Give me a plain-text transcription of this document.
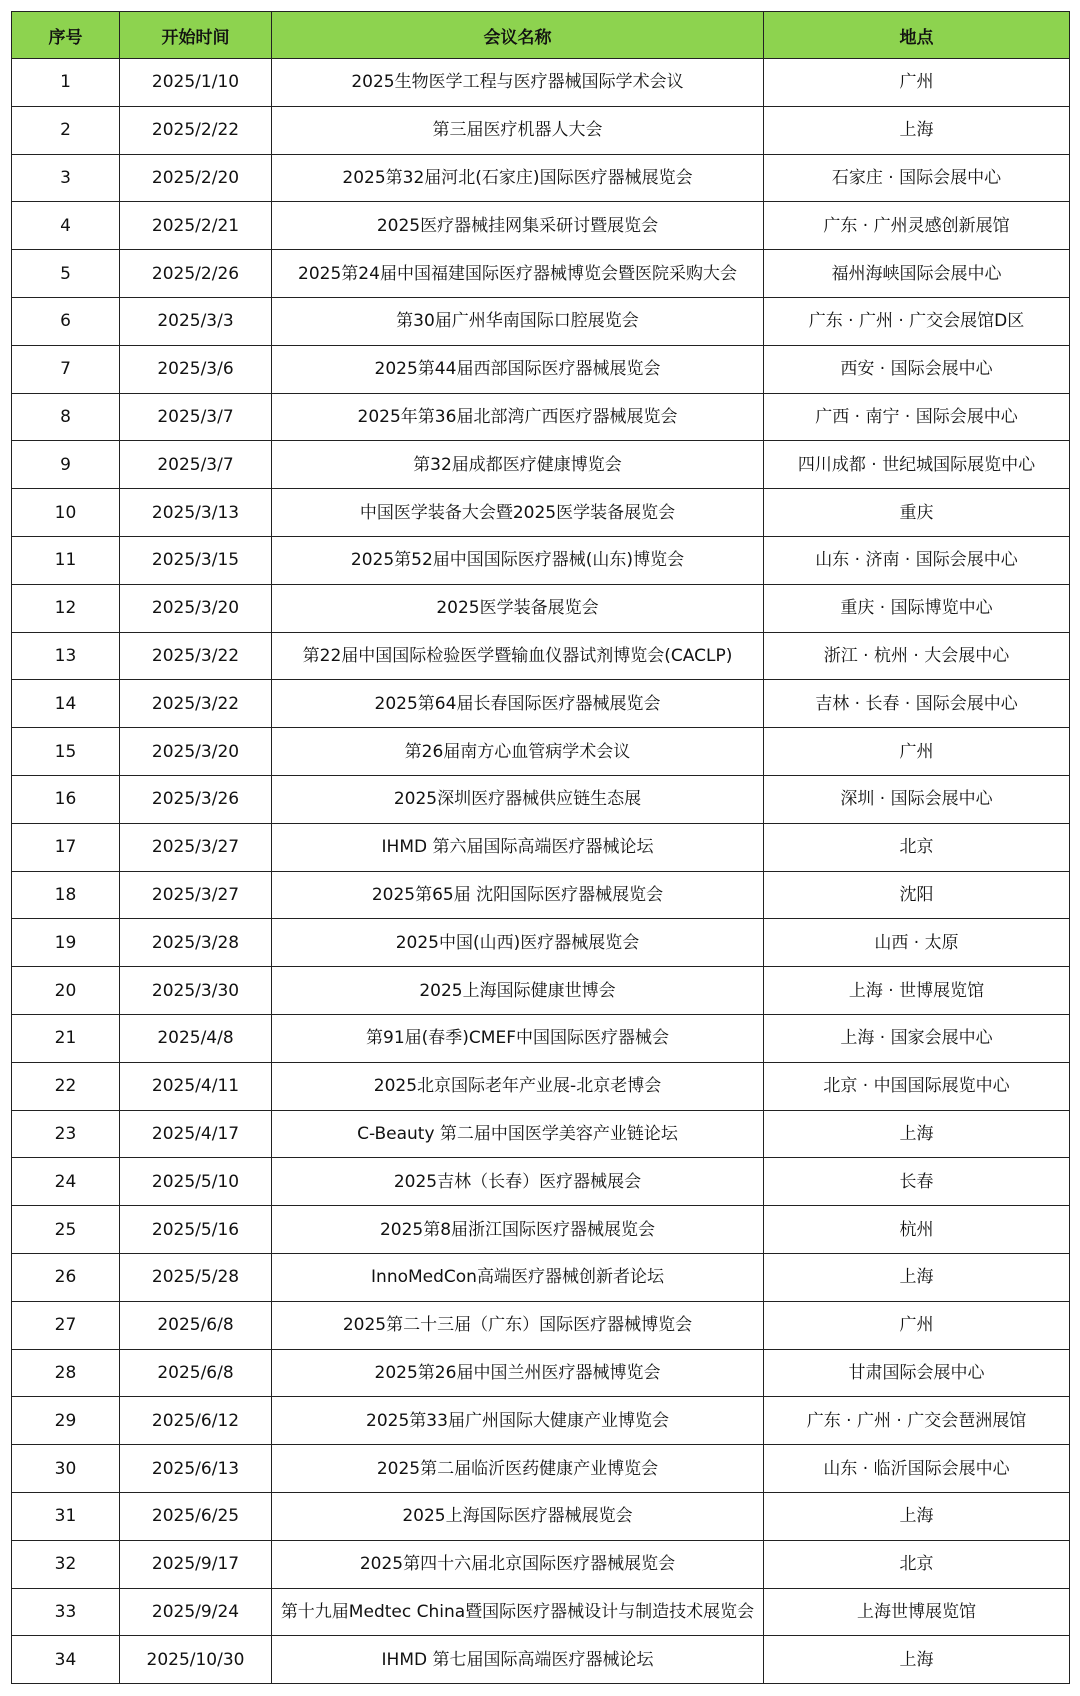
序号	开始时间	会议名称	地点
1	2025/1/10	2025生物医学工程与医疗器械国际学术会议	广州
2	2025/2/22	第三届医疗机器人大会	上海
3	2025/2/20	2025第32届河北(石家庄)国际医疗器械展览会	石家庄 · 国际会展中心
4	2025/2/21	2025医疗器械挂网集采研讨暨展览会	广东 · 广州灵感创新展馆
5	2025/2/26	2025第24届中国福建国际医疗器械博览会暨医院采购大会	福州海峡国际会展中心
6	2025/3/3	第30届广州华南国际口腔展览会	广东 · 广州 · 广交会展馆D区
7	2025/3/6	2025第44届西部国际医疗器械展览会	西安 · 国际会展中心
8	2025/3/7	2025年第36届北部湾广西医疗器械展览会	广西 · 南宁 · 国际会展中心
9	2025/3/7	第32届成都医疗健康博览会	四川成都 · 世纪城国际展览中心
10	2025/3/13	中国医学装备大会暨2025医学装备展览会	重庆
11	2025/3/15	2025第52届中国国际医疗器械(山东)博览会	山东 · 济南 · 国际会展中心
12	2025/3/20	2025医学装备展览会	重庆 · 国际博览中心
13	2025/3/22	第22届中国国际检验医学暨输血仪器试剂博览会(CACLP)	浙江 · 杭州 · 大会展中心
14	2025/3/22	2025第64届长春国际医疗器械展览会	吉林 · 长春 · 国际会展中心
15	2025/3/20	第26届南方心血管病学术会议	广州
16	2025/3/26	2025深圳医疗器械供应链生态展	深圳 · 国际会展中心
17	2025/3/27	IHMD 第六届国际高端医疗器械论坛	北京
18	2025/3/27	2025第65届 沈阳国际医疗器械展览会	沈阳
19	2025/3/28	2025中国(山西)医疗器械展览会	山西 · 太原
20	2025/3/30	2025上海国际健康世博会	上海 · 世博展览馆
21	2025/4/8	第91届(春季)CMEF中国国际医疗器械会	上海 · 国家会展中心
22	2025/4/11	2025北京国际老年产业展-北京老博会	北京 · 中国国际展览中心
23	2025/4/17	C-Beauty 第二届中国医学美容产业链论坛	上海
24	2025/5/10	2025吉林（长春）医疗器械展会	长春
25	2025/5/16	2025第8届浙江国际医疗器械展览会	杭州
26	2025/5/28	InnoMedCon高端医疗器械创新者论坛	上海
27	2025/6/8	2025第二十三届（广东）国际医疗器械博览会	广州
28	2025/6/8	2025第26届中国兰州医疗器械博览会	甘肃国际会展中心
29	2025/6/12	2025第33届广州国际大健康产业博览会	广东 · 广州 · 广交会琶洲展馆
30	2025/6/13	2025第二届临沂医药健康产业博览会	山东 · 临沂国际会展中心
31	2025/6/25	2025上海国际医疗器械展览会	上海
32	2025/9/17	2025第四十六届北京国际医疗器械展览会	北京
33	2025/9/24	第十九届Medtec China暨国际医疗器械设计与制造技术展览会	上海世博展览馆
34	2025/10/30	IHMD 第七届国际高端医疗器械论坛	上海
